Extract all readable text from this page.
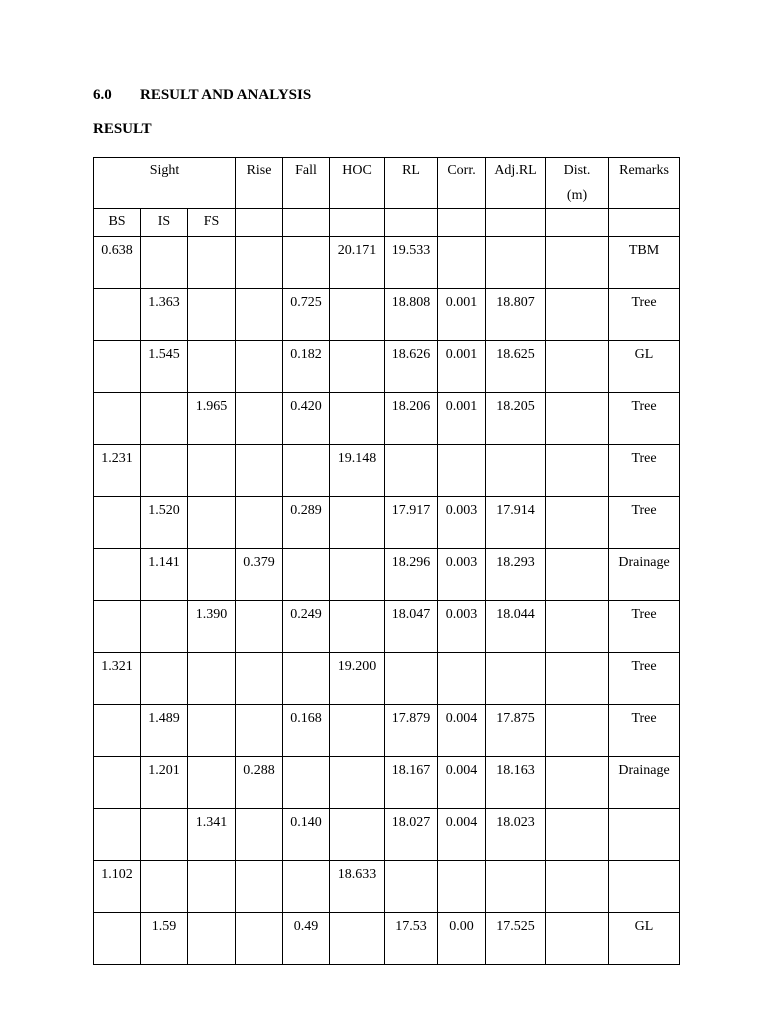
6.0 RESULT AND ANALYSIS
RESULT
Sight			Rise	Fall	HOC	RL	Corr.	Adj.RL	Dist. (m)	Remarks
BS	IS	FS								
0.638					20.171	19.533				TBM
	1.363			0.725		18.808	0.001	18.807		Tree
	1.545			0.182		18.626	0.001	18.625		GL
		1.965		0.420		18.206	0.001	18.205		Tree
1.231					19.148					Tree
	1.520			0.289		17.917	0.003	17.914		Tree
	1.141		0.379			18.296	0.003	18.293		Drainage
		1.390		0.249		18.047	0.003	18.044		Tree
1.321					19.200					Tree
	1.489			0.168		17.879	0.004	17.875		Tree
	1.201		0.288			18.167	0.004	18.163		Drainage
		1.341		0.140		18.027	0.004	18.023		
1.102					18.633					
	1.59			0.49		17.53	0.00	17.525		GL
